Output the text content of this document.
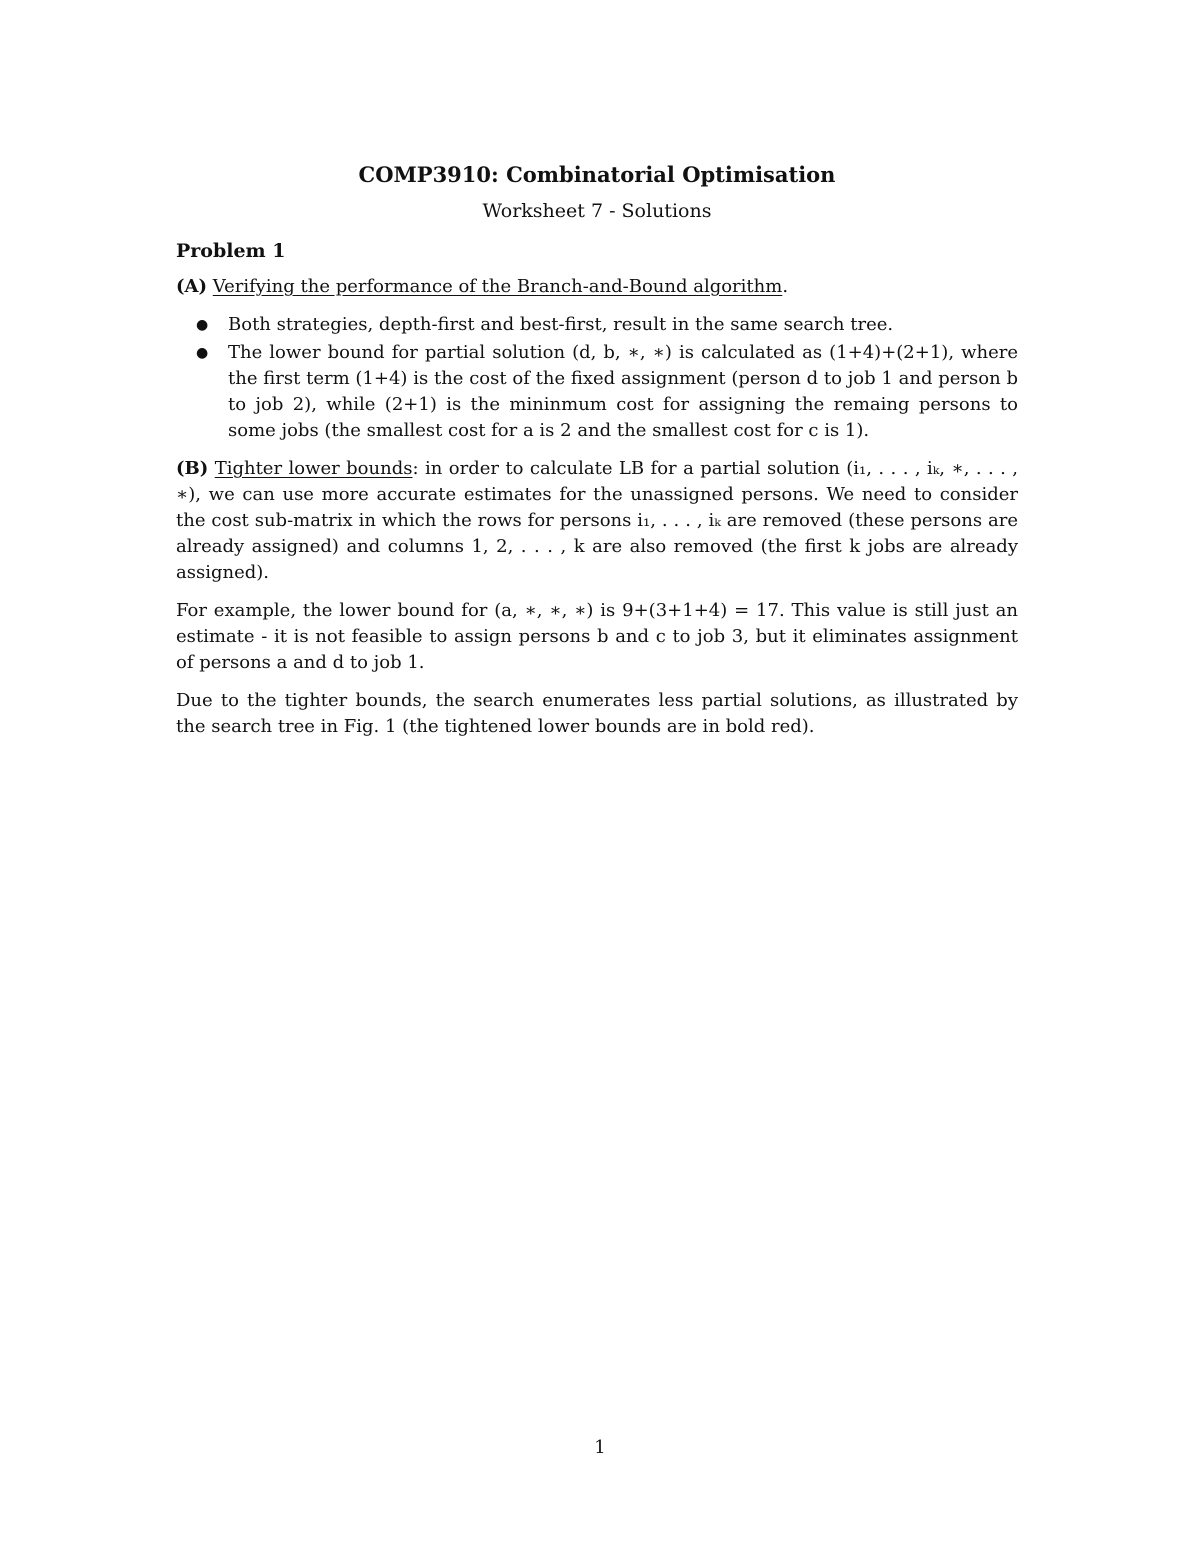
COMP3910: Combinatorial Optimisation
Worksheet 7 - Solutions
Problem 1

(A) Verifying the performance of the Branch-and-Bound algorithm.

● Both strategies, depth-first and best-first, result in the same search tree.
● The lower bound for partial solution (d, b, ∗, ∗) is calculated as (1+4)+(2+1), where the first term (1+4) is the cost of the fixed assignment (person d to job 1 and person b to job 2), while (2+1) is the mininmum cost for assigning the remaing persons to some jobs (the smallest cost for a is 2 and the smallest cost for c is 1).

(B) Tighter lower bounds: in order to calculate LB for a partial solution (i₁, . . . , iₖ, ∗, . . . , ∗), we can use more accurate estimates for the unassigned persons. We need to consider the cost sub-matrix in which the rows for persons i₁, . . . , iₖ are removed (these persons are already assigned) and columns 1, 2, . . . , k are also removed (the first k jobs are already assigned).

For example, the lower bound for (a, ∗, ∗, ∗) is 9+(3+1+4) = 17. This value is still just an estimate - it is not feasible to assign persons b and c to job 3, but it eliminates assignment of persons a and d to job 1.

Due to the tighter bounds, the search enumerates less partial solutions, as illustrated by the search tree in Fig. 1 (the tightened lower bounds are in bold red).

1
